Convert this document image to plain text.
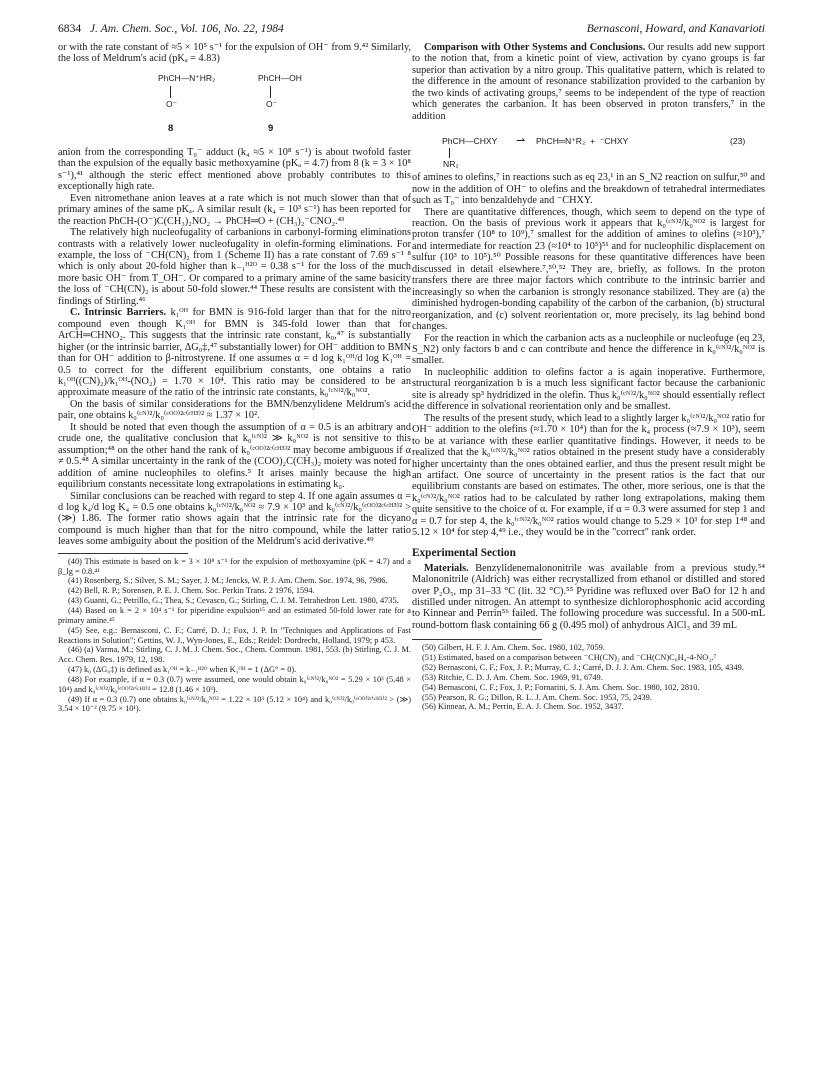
6834 J. Am. Chem. Soc., Vol. 106, No. 22, 1984	Bernasconi, Howard, and Kanavarioti

or with the rate constant of ≈5 × 10⁵ s⁻¹ for the expulsion of OH⁻ from 9.⁴² Similarly, the loss of Meldrum's acid (pKₐ = 4.83)

PhCH—N⁺HR₂
O⁻
8
PhCH—OH
O⁻
9

anion from the corresponding T₀⁻ adduct (k₄ ≈5 × 10⁸ s⁻¹) is about twofold faster than the expulsion of the equally basic methoxyamine (pKₐ = 4.7) from 8 (k = 3 × 10⁸ s⁻¹),⁴¹ although the steric effect mentioned above probably contributes to this exceptionally high rate.

Even nitromethane anion leaves at a rate which is not much slower than that of primary amines of the same pKₐ. A similar result (k₄ = 10³ s⁻¹) has been reported for the reaction PhCH-(O⁻)C(CH₃)₂NO₂ → PhCH═O + (CH₃)₂⁻CNO₂.⁴³

The relatively high nucleofugality of carbanions in carbonyl-forming eliminations contrasts with a relatively lower nucleofugality in olefin-forming eliminations. For example, the loss of ⁻CH(CN)₂ from 1 (Scheme II) has a rate constant of 7.69 s⁻¹ ⁸ which is only about 20-fold higher than k₋₁ᴴ²ᴼ = 0.38 s⁻¹ for the loss of the much more basic OH⁻ from T_OH⁻. Or compared to a primary amine of the same basicity the loss of ⁻CH(CN)₂ is about 50-fold slower.⁴⁴ These results are consistent with the findings of Stirling.⁴⁶

C. Intrinsic Barriers. k₁ᴼᴴ for BMN is 916-fold larger than that for the nitro compound even though K₁ᴼᴴ for BMN is 345-fold lower than that for ArCH═CHNO₂. This suggests that the intrinsic rate constant, k₀,⁴⁷ is substantially higher (or the intrinsic barrier, ΔG₀‡,⁴⁷ substantially lower) for OH⁻ addition to BMN than for OH⁻ addition to β-nitrostyrene. If one assumes α = d log k₁ᴼᴴ/d log K₁ᴼᴴ = 0.5 to correct for the different equilibrium constants, one obtains a ratio k₁ᴼᴴ((CN)₂)/k₁ᴼᴴ-(NO₂) = 1.70 × 10⁴. This ratio may be considered to be an approximate measure of the ratio of the intrinsic rate constants, k₀⁽ᶜᴺ⁾²/k₀ᴺᴼ².

On the basis of similar considerations for the BMN/benzylidene Meldrum's acid pair, one obtains k₀⁽ᶜᴺ⁾²/k₀⁽ᶜᴼᴼ⁾²ᶜ⁽ᶜᴴ³⁾² ≈ 1.37 × 10².

It should be noted that even though the assumption of α = 0.5 is an arbitrary and crude one, the qualitative conclusion that k₀⁽ᶜᴺ⁾² ≫ k₀ᴺᴼ² is not sensitive to this assumption;⁴⁸ on the other hand the rank of k₀⁽ᶜᴼᴼ⁾²ᶜ⁽ᶜᴴ³⁾² may become ambiguous if α ≠ 0.5.⁴⁸ A similar uncertainty in the rank of the (COO)₂C(CH₃)₂ moiety was noted for addition of amine nucleophiles to olefins.⁵ It arises mainly because the high equilibrium constants necessitate long extrapolations in estimating k₀.

Similar conclusions can be reached with regard to step 4. If one again assumes α = d log k₄/d log K₄ = 0.5 one obtains k₀⁽ᶜᴺ⁾²/k₀ᴺᴼ² ≈ 7.9 × 10³ and k₀⁽ᶜᴺ⁾²/k₀⁽ᶜᴼᴼ⁾²ᶜ⁽ᶜᴴ³⁾² > (≫) 1.86. The former ratio shows again that the intrinsic rate for the dicyano compound is much higher than that for the nitro compound, while the latter ratio leaves some ambiguity about the position of the Meldrum's acid derivative.⁴⁹

(40) This estimate is based on k = 3 × 10⁸ s⁻¹ for the expulsion of methoxyamine (pK = 4.7) and a β_lg = 0.8.⁴¹

(41) Rosenberg, S.; Silver, S. M.; Sayer, J. M.; Jencks, W. P. J. Am. Chem. Soc. 1974, 96, 7986.

(42) Bell, R. P.; Sorensen, P. E. J. Chem. Soc. Perkin Trans. 2 1976, 1594.

(43) Guanti, G.; Petrillo, G.; Thea, S.; Cevasco, G.; Stirling, C. J. M. Tetrahedron Lett. 1980, 4735.

(44) Based on k = 2 × 10⁴ s⁻¹ for piperidine expulsion¹⁵ and an estimated 50-fold lower rate for a primary amine.⁴⁵

(45) See, e.g.: Bernasconi, C. F.; Carré, D. J.; Fox, J. P. In "Techniques and Applications of Fast Reactions in Solution"; Gettins, W. J., Wyn-Jones, E., Eds.; Reidel: Dordrecht, Holland, 1979; p 453.

(46) (a) Varma, M.; Stirling, C. J. M. J. Chem. Soc., Chem. Commun. 1981, 553. (b) Stirling, C. J. M. Acc. Chem. Res. 1979, 12, 198.

(47) k₀ (ΔG₀‡) is defined as k₁ᴼᴴ = k₋₁ᴴ²ᴼ when K₁ᴼᴴ = 1 (ΔG° = 0).

(48) For example, if α = 0.3 (0.7) were assumed, one would obtain k₀⁽ᶜᴺ⁾²/k₀ᴺᴼ² = 5.29 × 10³ (5.48 × 10⁴) and k₀⁽ᶜᴺ⁾²/k₀⁽ᶜᴼᴼ⁾²ᶜ⁽ᶜᴴ³⁾² = 12.8 (1.46 × 10³).

(49) If α = 0.3 (0.7) one obtains k₀⁽ᶜᴺ⁾²/k₀ᴺᴼ² = 1.22 × 10³ (5.12 × 10⁴) and k₀⁽ᶜᴺ⁾²/k₀⁽ᶜᴼᴼ⁾²ᶜ⁽ᶜᴴ³⁾² > (≫) 3.54 × 10⁻² (9.75 × 10¹).

Comparison with Other Systems and Conclusions. Our results add new support to the notion that, from a kinetic point of view, activation by cyano groups is far superior than activation by a nitro group. This qualitative pattern, which is related to the difference in the amount of resonance stabilization provided to the carbanion by the two kinds of activating groups,⁷ seems to be independent of the type of reaction which generates the carbanion. It has been observed in proton transfers,⁷ in the addition

PhCH—CHXY ⇀ PhCH═N⁺R₂  +  ⁻CHXY	(23)
NR₂

of amines to olefins,⁷ in reactions such as eq 23,¹ in an S_N2 reaction on sulfur,⁵⁰ and now in the addition of OH⁻ to olefins and the breakdown of tetrahedral intermediates such as T₀⁻ into benzaldehyde and ⁻CHXY.

There are quantitative differences, though, which seem to depend on the type of reaction. On the basis of previous work it appears that k₀⁽ᶜᴺ⁾²/k₀ᴺᴼ² is largest for proton transfer (10⁸ to 10⁹),⁷ smallest for the addition of amines to olefins (≈10³),⁷ and intermediate for reaction 23 (≈10⁴ to 10⁵)⁵¹ and for nucleophilic displacement on sulfur (10³ to 10⁵).⁵⁰ Possible reasons for these quantitative differences have been discussed in detail elsewhere.⁷,⁵⁰,⁵² They are, briefly, as follows. In the proton transfers there are three major factors which contribute to the intrinsic barrier and increasingly so when the carbanion is strongly resonance stabilized. They are (a) the diminished hydrogen-bonding capability of the carbon of the carbanion, (b) structural reorganization, and (c) solvent reorientation or, more precisely, its lag behind bond changes.

For the reaction in which the carbanion acts as a nucleophile or nucleofuge (eq 23, S_N2) only factors b and c can contribute and hence the difference in k₀⁽ᶜᴺ⁾²/k₀ᴺᴼ² is smaller.

In nucleophilic addition to olefins factor a is again inoperative. Furthermore, structural reorganization b is a much less significant factor because the carbanionic site is already sp³ hydridized in the olefin. Thus k₀⁽ᶜᴺ⁾²/k₀ᴺᴼ² should essentially reflect the difference in solvational reorientation only and be smallest.

The results of the present study, which lead to a slightly larger k₀⁽ᶜᴺ⁾²/k₀ᴺᴼ² ratio for OH⁻ addition to the olefins (≈1.70 × 10⁴) than for the k₄ process (≈7.9 × 10³), seem to be at variance with these earlier quantitative findings. However, it needs to be realized that the k₀⁽ᶜᴺ⁾²/k₀ᴺᴼ² ratios obtained in the present study have a considerably higher uncertainty than the ones obtained earlier, and thus the present result might be an artifact. One source of uncertainty in the present ratios is the fact that our equilibrium constants are based on estimates. The other, more serious, one is that the k₀⁽ᶜᴺ⁾²/k₀ᴺᴼ² ratios had to be calculated by rather long extrapolations, making them quite sensitive to the choice of α. For example, if α = 0.3 were assumed for step 1 and α = 0.7 for step 4, the k₀⁽ᶜᴺ⁾²/k₀ᴺᴼ² ratios would change to 5.29 × 10³ for step 1⁴⁸ and 5.12 × 10⁴ for step 4,⁴⁹ i.e., they would be in the "correct" rank order.

Experimental Section

Materials. Benzylidenemalononitrile was available from a previous study.⁵⁴ Malononitrile (Aldrich) was either recrystallized from ethanol or distilled and stored over P₂O₅, mp 31–33 °C (lit. 32 °C).⁵⁵ Pyridine was refluxed over BaO for 12 h and distilled under nitrogen. An attempt to synthesize dichlorophosphonic acid according to Kinnear and Perrin⁵⁶ failed. The following procedure was successful. In a 500-mL round-bottom flask containing 66 g (0.495 mol) of anhydrous AlCl₃ and 39 mL

(50) Gilbert, H. F. J. Am. Chem. Soc. 1980, 102, 7059.

(51) Estimated, based on a comparison between ⁻CH(CN)₂ and ⁻CH(CN)C₆H₄-4-NO₂.⁷

(52) Bernasconi, C. F.; Fox, J. P.; Murray, C. J.; Carré, D. J. J. Am. Chem. Soc. 1983, 105, 4349.

(53) Ritchie, C. D. J. Am. Chem. Soc. 1969, 91, 6749.

(54) Bernasconi, C. F.; Fox, J. P.; Fornarini, S. J. Am. Chem. Soc. 1980, 102, 2810.

(55) Pearson, R. G.; Dillon, R. L. J. Am. Chem. Soc. 1953, 75, 2439.

(56) Kinnear, A. M.; Perrin, E. A. J. Chem. Soc. 1952, 3437.
